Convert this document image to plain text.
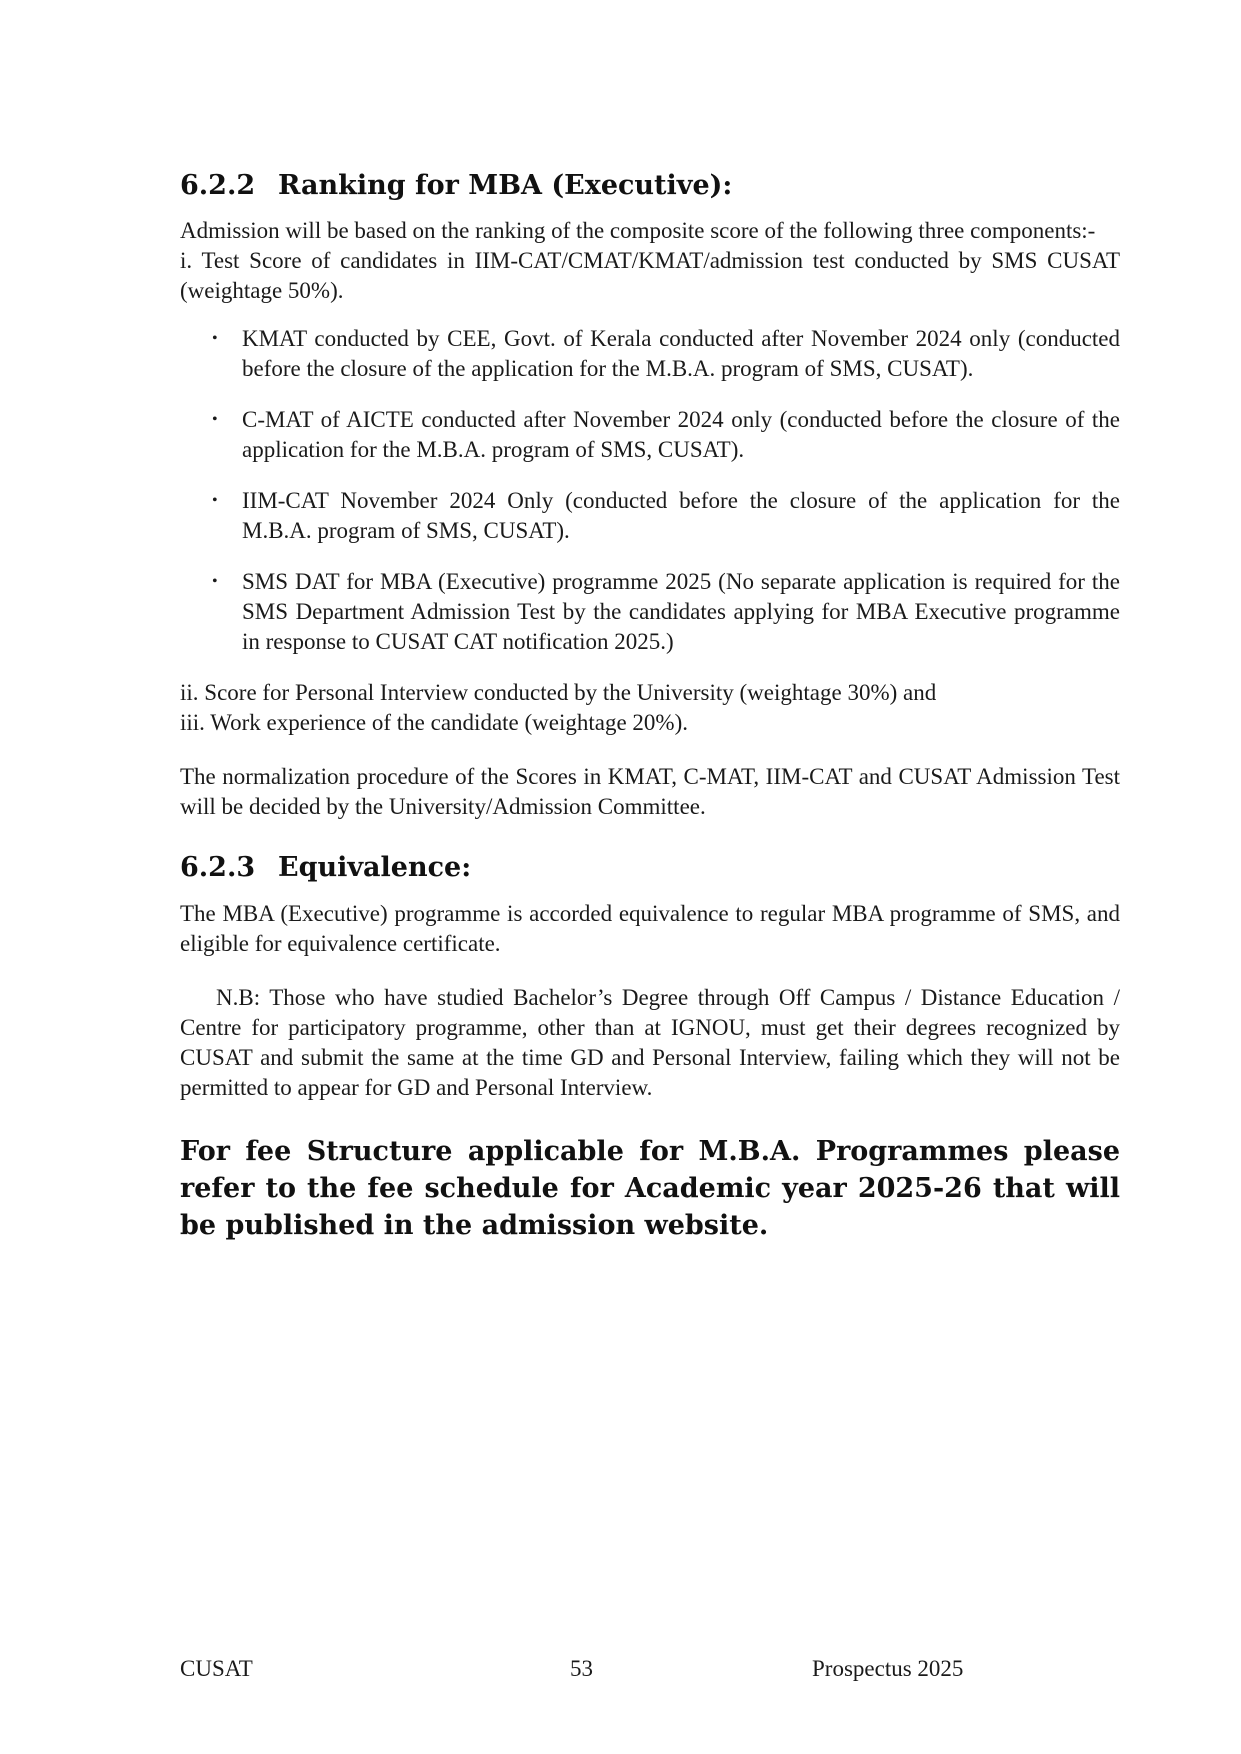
6.2.2 Ranking for MBA (Executive):

Admission will be based on the ranking of the composite score of the following three components:-

i. Test Score of candidates in IIM-CAT/CMAT/KMAT/admission test conducted by SMS CUSAT (weightage 50%).

• KMAT conducted by CEE, Govt. of Kerala conducted after November 2024 only (conducted before the closure of the application for the M.B.A. program of SMS, CUSAT).
• C-MAT of AICTE conducted after November 2024 only (conducted before the closure of the application for the M.B.A. program of SMS, CUSAT).
• IIM-CAT November 2024 Only (conducted before the closure of the application for the M.B.A. program of SMS, CUSAT).
• SMS DAT for MBA (Executive) programme 2025 (No separate application is required for the SMS Department Admission Test by the candidates applying for MBA Executive programme in response to CUSAT CAT notification 2025.)

ii. Score for Personal Interview conducted by the University (weightage 30%) and

iii. Work experience of the candidate (weightage 20%).

The normalization procedure of the Scores in KMAT, C-MAT, IIM-CAT and CUSAT Admission Test will be decided by the University/Admission Committee.

6.2.3 Equivalence:

The MBA (Executive) programme is accorded equivalence to regular MBA programme of SMS, and eligible for equivalence certificate.

N.B: Those who have studied Bachelor’s Degree through Off Campus / Distance Education / Centre for participatory programme, other than at IGNOU, must get their degrees recognized by CUSAT and submit the same at the time GD and Personal Interview, failing which they will not be permitted to appear for GD and Personal Interview.

For fee Structure applicable for M.B.A. Programmes please refer to the fee schedule for Academic year 2025-26 that will be published in the admission website.

CUSAT	53	Prospectus 2025
